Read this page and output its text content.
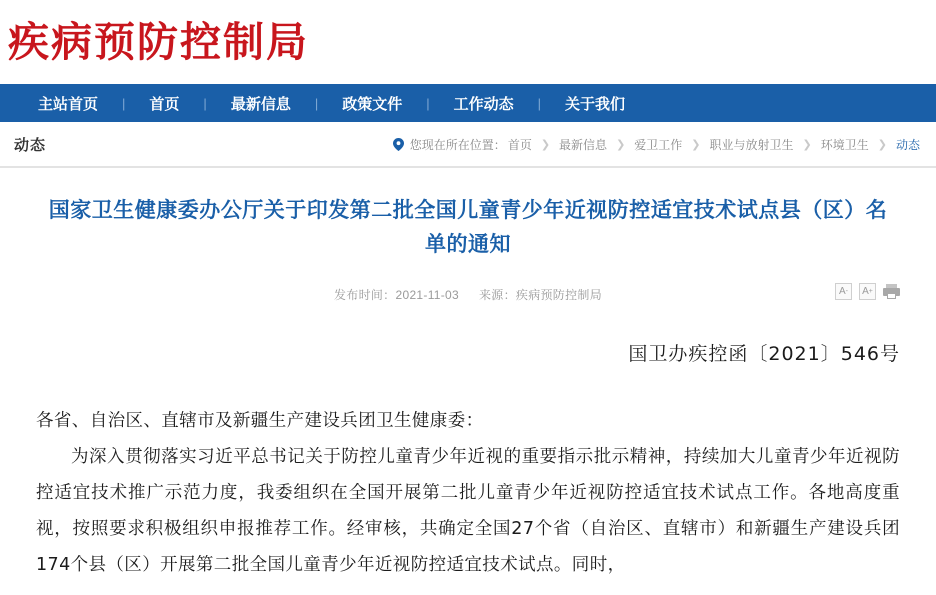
疾病预防控制局
主站首页	|	首页	|	最新信息	|	政策文件	|	工作动态	|	关于我们
动态	您现在所在位置： 首页 ❯ 最新信息 ❯ 爱卫工作 ❯ 职业与放射卫生 ❯ 环境卫生 ❯ 动态
国家卫生健康委办公厅关于印发第二批全国儿童青少年近视防控适宜技术试点县（区）名单的通知
发布时间：2021-11-03 来源：疾病预防控制局	A - A +
国卫办疾控函〔2021〕546号

各省、自治区、直辖市及新疆生产建设兵团卫生健康委：

为深入贯彻落实习近平总书记关于防控儿童青少年近视的重要指示批示精神，持续加大儿童青少年近视防控适宜技术推广示范力度，我委组织在全国开展第二批儿童青少年近视防控适宜技术试点工作。各地高度重视，按照要求积极组织申报推荐工作。经审核，共确定全国27个省（自治区、直辖市）和新疆生产建设兵团174个县（区）开展第二批全国儿童青少年近视防控适宜技术试点。同时，
